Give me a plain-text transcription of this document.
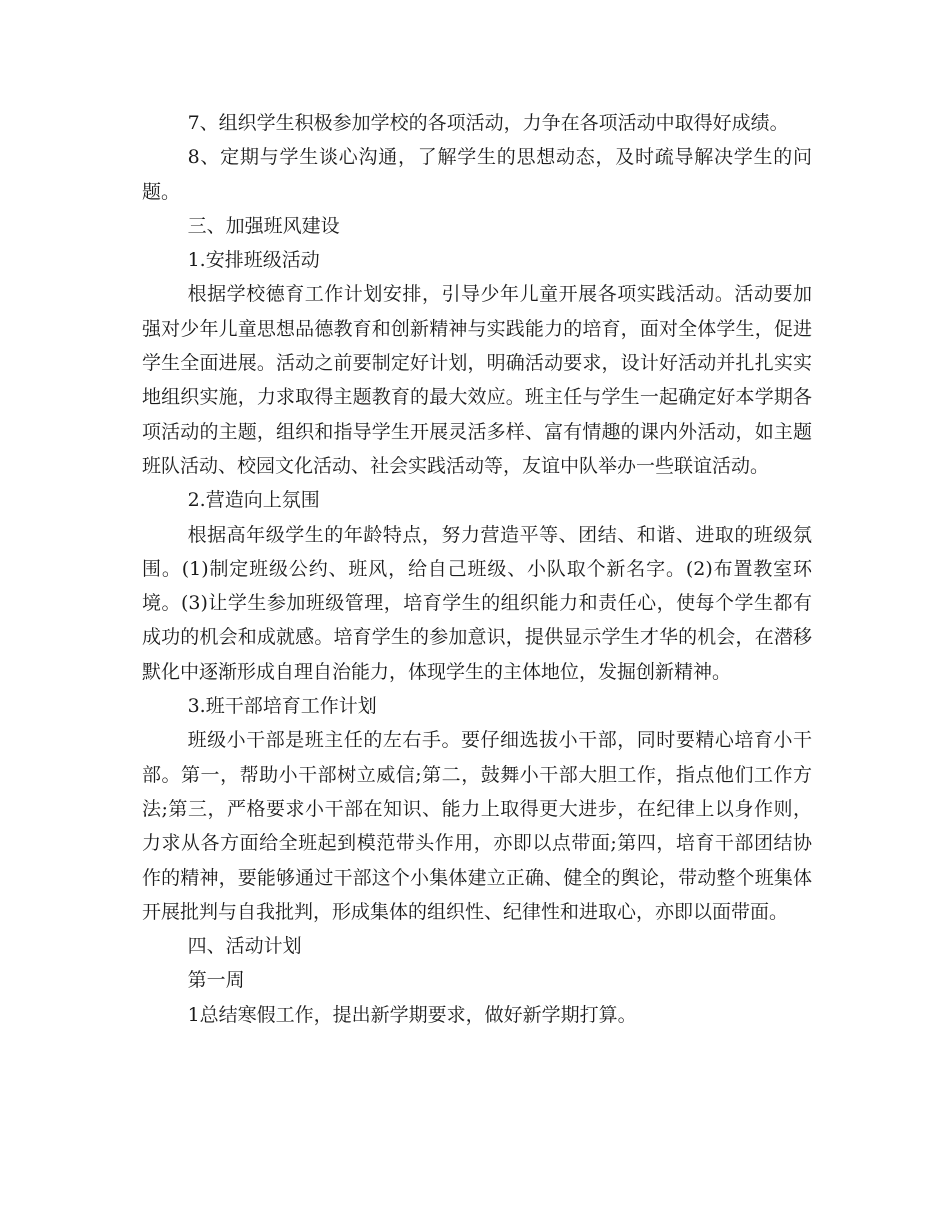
7、组织学生积极参加学校的各项活动，力争在各项活动中取得好成绩。

8、定期与学生谈心沟通，了解学生的思想动态，及时疏导解决学生的问题。

三、加强班风建设

1.安排班级活动

根据学校德育工作计划安排，引导少年儿童开展各项实践活动。活动要加强对少年儿童思想品德教育和创新精神与实践能力的培育，面对全体学生，促进学生全面进展。活动之前要制定好计划，明确活动要求，设计好活动并扎扎实实地组织实施，力求取得主题教育的最大效应。班主任与学生一起确定好本学期各项活动的主题，组织和指导学生开展灵活多样、富有情趣的课内外活动，如主题班队活动、校园文化活动、社会实践活动等，友谊中队举办一些联谊活动。

2.营造向上氛围

根据高年级学生的年龄特点，努力营造平等、团结、和谐、进取的班级氛围。(1)制定班级公约、班风，给自己班级、小队取个新名字。(2)布置教室环境。(3)让学生参加班级管理，培育学生的组织能力和责任心，使每个学生都有成功的机会和成就感。培育学生的参加意识，提供显示学生才华的机会，在潜移默化中逐渐形成自理自治能力，体现学生的主体地位，发掘创新精神。

3.班干部培育工作计划

班级小干部是班主任的左右手。要仔细选拔小干部，同时要精心培育小干部。第一，帮助小干部树立威信;第二，鼓舞小干部大胆工作，指点他们工作方法;第三，严格要求小干部在知识、能力上取得更大进步，在纪律上以身作则，力求从各方面给全班起到模范带头作用，亦即以点带面;第四，培育干部团结协作的精神，要能够通过干部这个小集体建立正确、健全的舆论，带动整个班集体开展批判与自我批判，形成集体的组织性、纪律性和进取心，亦即以面带面。

四、活动计划

第一周

1总结寒假工作，提出新学期要求，做好新学期打算。
